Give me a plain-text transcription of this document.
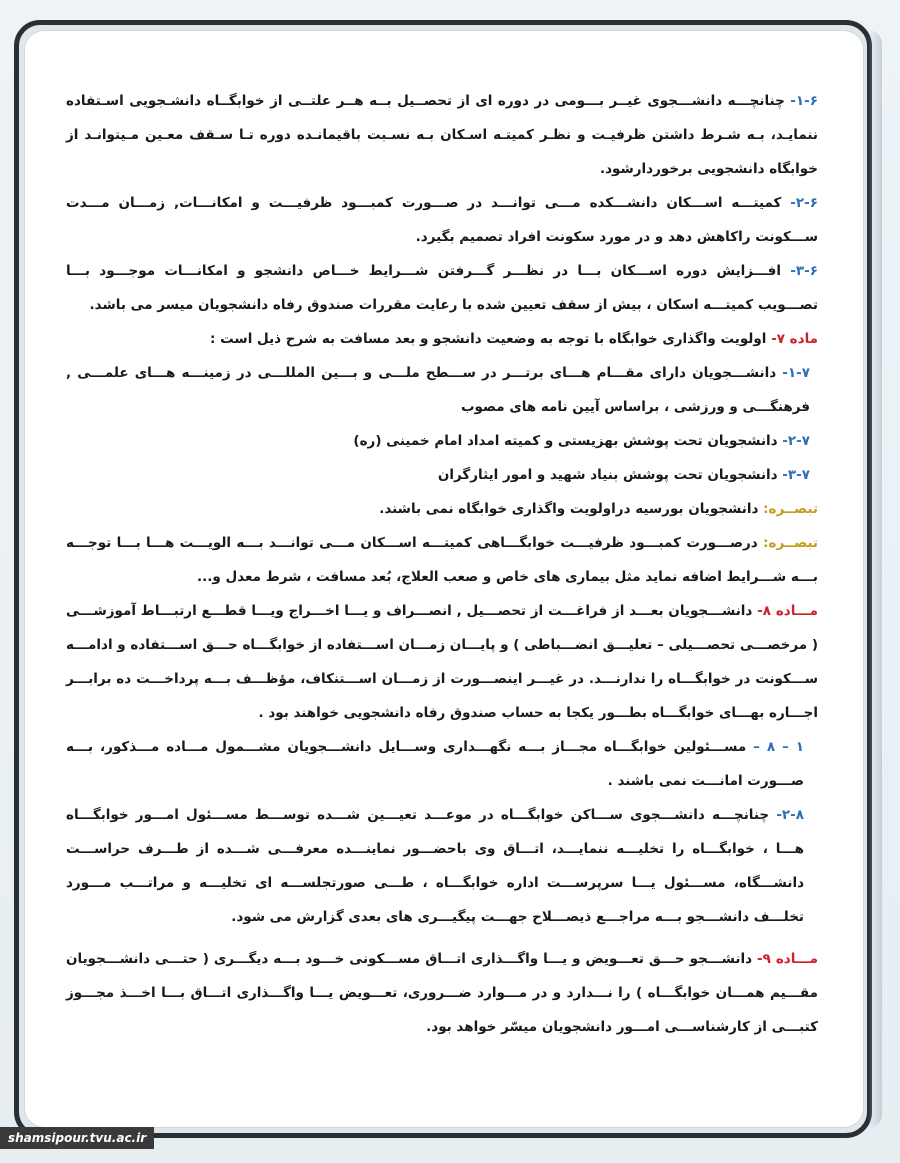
۱-۶- چنانچـــه دانشـــجوی غیــر بـــومی در دوره ای از تحصــیل بــه هــر علتــی از خوابگــاه دانشـجویی اسـتفاده ننمایـد، بـه شـرط داشتن ظرفیـت و نظـر کمیتـه اسـکان بـه نسـبت باقیمانـده دوره تـا سـقف معـین مـیتوانـد از خوابگاه دانشجویی برخوردارشود.

۲-۶- کمیتـــه اســـکان دانشـــکده مـــی توانـــد در صـــورت کمبـــود ظرفیـــت و امکانـــات, زمـــان مـــدت ســـکونت راکاهش دهد و در مورد سکونت افراد تصمیم بگیرد.

۳-۶- افـــزایش دوره اســـکان بـــا در نظـــر گـــرفتن شـــرایط خـــاص دانشجو و امکانـــات موجـــود بـــا تصـــویب کمیتـــه اسکان ، بیش از سقف تعیین شده با رعایت مقررات صندوق رفاه دانشجویان میسر می باشد.

ماده ۷- اولویت واگذاری خوابگاه با توجه به وضعیت دانشجو و بعد مسافت به شرح ذیل است :

۱-۷- دانشـــجویان دارای مقـــام هـــای برتـــر در ســـطح ملـــی و بـــین المللـــی در زمینـــه هـــای علمـــی , فرهنگـــی و ورزشی ، براساس آیین نامه های مصوب

۲-۷- دانشجویان تحت پوشش بهزیستی و کمیته امداد امام خمینی (ره)

۳-۷- دانشجویان تحت پوشش بنیاد شهید و امور ایثارگران

تبصــره: دانشجویان بورسیه دراولویت واگذاری خوابگاه نمی باشند.

تبصــره: درصـــورت کمبـــود ظرفیـــت خوابگـــاهی کمیتـــه اســـکان مـــی توانـــد بـــه الویـــت هـــا بـــا توجـــه بـــه شـــرایط اضافه نماید مثل بیماری های خاص و صعب العلاج، بُعد مسافت ، شرط معدل و...

مـــاده ۸- دانشـــجویان بعـــد از فراغـــت از تحصـــیل , انصـــراف و یـــا اخـــراج ویـــا قطـــع ارتبـــاط آموزشـــی ( مرخصـــی تحصـــیلی – تعلیـــق انضـــباطی ) و پایـــان زمـــان اســـتفاده از خوابگـــاه حـــق اســـتفاده و ادامـــه ســـکونت در خوابگـــاه را ندارنـــد. در غیـــر اینصـــورت از زمـــان اســـتنکاف، مؤظـــف بـــه پرداخـــت ده برابـــر اجـــاره بهـــای خوابگـــاه بطـــور یکجا به حساب صندوق رفاه دانشجویی خواهند بود .

۱ – ۸ – مســـئولین خوابگـــاه مجـــاز بـــه نگهـــداری وســـایل دانشـــجویان مشـــمول مـــاده مـــذکور، بـــه صـــورت امانـــت نمی باشند .

۲-۸- چنانچـــه دانشـــجوی ســـاکن خوابگـــاه در موعـــد تعیـــین شـــده توســـط مســـئول امـــور خوابگـــاه هـــا ، خوابگـــاه را تخلیـــه ننمایـــد، اتـــاق وی باحضـــور نماینـــده معرفـــی شـــده از طـــرف حراســـت دانشـــگاه، مســـئول یـــا سرپرســـت اداره خوابگـــاه ، طـــی صورتجلســـه ای تخلیـــه و مراتـــب مـــورد تخلـــف دانشـــجو بـــه مراجـــع ذیصـــلاح جهـــت پیگیـــری های بعدی گزارش می شود.

مـــاده ۹- دانشـــجو حـــق تعـــویض و یـــا واگـــذاری اتـــاق مســـکونی خـــود بـــه دیگـــری ( حتـــی دانشـــجویان مقـــیم همـــان خوابگـــاه ) را نـــدارد و در مـــوارد ضـــروری، تعـــویض یـــا واگـــذاری اتـــاق بـــا اخـــذ مجـــوز کتبـــی از کارشناســـی امـــور دانشجویان میسّر خواهد بود.

shamsipour.tvu.ac.ir
